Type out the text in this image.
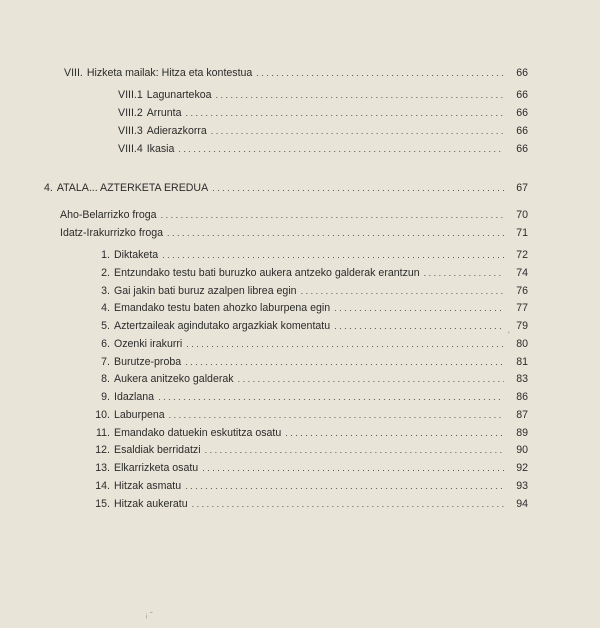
VIII. Hizketa mailak: Hitza eta kontestua . . .	66
VIII.1 Lagunartekoa . . .	66
VIII.2 Arrunta . . .	66
VIII.3 Adierazkorra . . .	66
VIII.4 Ikasia . . .	66
4. ATALA... AZTERKETA EREDUA . . .	67
Aho-Belarrizko froga . . .	70
Idatz-Irakurrizko froga . . .	71
1. Diktaketa . . .	72
2. Entzundako testu bati buruzko aukera antzeko galderak erantzun . . .	74
3. Gai jakin bati buruz azalpen librea egin . . .	76
4. Emandako testu baten ahozko laburpena egin . . .	77
5. Aztertzaileak agindutako argazkiak komentatu . . .	79
6. Ozenki irakurri . . .	80
7. Burutze-proba . . .	81
8. Aukera anitzeko galderak . . .	83
9. Idazlana . . .	86
10. Laburpena . . .	87
11. Emandako datuekin eskutitza osatu . . .	89
12. Esaldiak berridatzi . . .	90
13. Elkarrizketa osatu . . .	92
14. Hitzak asmatu . . .	93
15. Hitzak aukeratu . . .	94
'
ᵢ ˉ
